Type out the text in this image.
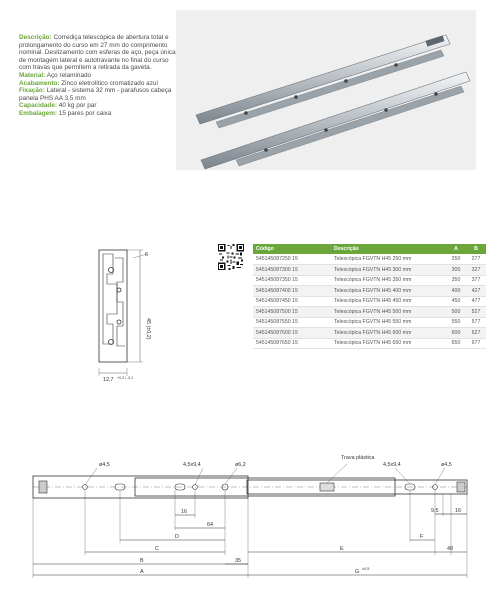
Descrição: Corrediça telescópica de abertura total e prolongamento do curso em 27 mm do comprimento nominal. Deslizamento com esferas de aço, peça única de montagem lateral e autotravante no final do curso com travas que permitem a retirada da gaveta.
Material: Aço relaminado
Acabamento: Zinco eletrolítico cromatizado azul
Fixação: Lateral - sistema 32 mm - parafusos cabeça panela PHS AA 3,5 mm
Capacidade: 40 kg por par
Embalagem: 15 pares por caixa
6
45 (±0,2)
12,7 +0,2 / -0,1
Código	Descrição	A	B
545145087250 15	Telescópica FGVTN H45 250 mm	250	277
545145087300 15	Telescópica FGVTN H45 300 mm	300	327
545145087350 15	Telescópica FGVTN H45 350 mm	350	377
545145087400 15	Telescópica FGVTN H45 400 mm	400	427
545145087450 15	Telescópica FGVTN H45 450 mm	450	477
545145087500 15	Telescópica FGVTN H45 500 mm	500	527
545145087550 15	Telescópica FGVTN H45 550 mm	550	577
545145087600 15	Telescópica FGVTN H45 600 mm	600	627
545145087650 15	Telescópica FGVTN H45 650 mm	650	677
ø4,5	4,5x9,4	ø6,2
Trava plástica
4,5x9,4	ø4,5
16
64
D
C
B	35
A	G ±0,5
E
F
48
9,5	16
